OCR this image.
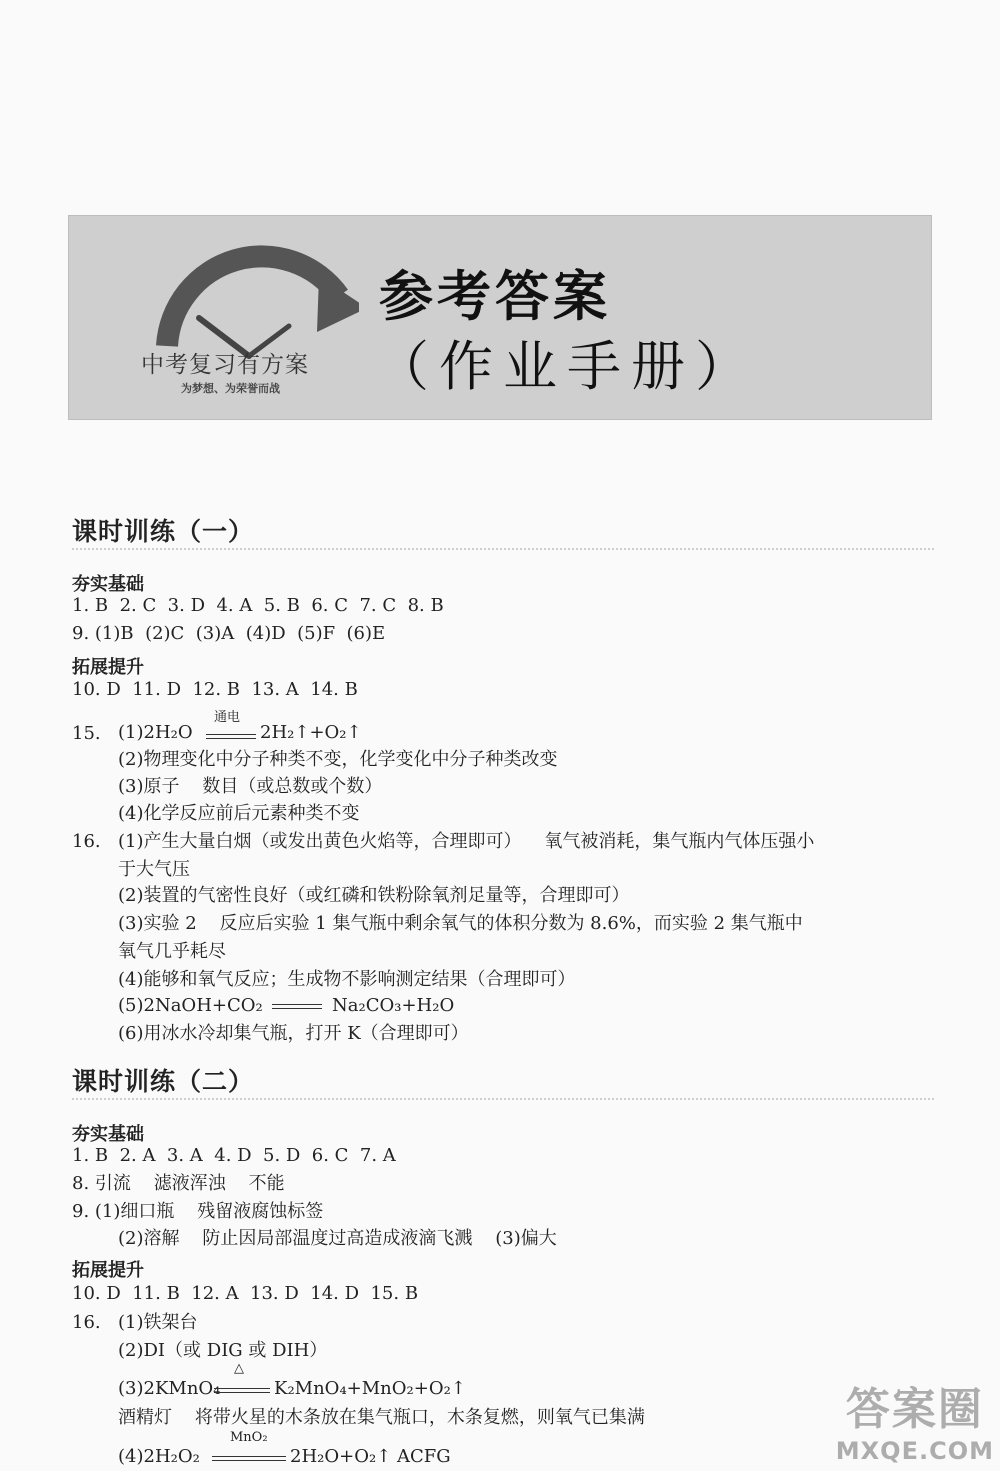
中考复习有方案
为梦想、为荣誉而战
参考答案
（作业手册）
课时训练（一）
夯实基础
1. B  2. C  3. D  4. A  5. B  6. C  7. C  8. B
9. (1)B  (2)C  (3)A  (4)D  (5)F  (6)E
拓展提升
10. D  11. D  12. B  13. A  14. B
15. (1)2H₂O
通电
2H₂↑+O₂↑
(2)物理变化中分子种类不变，化学变化中分子种类改变
(3)原子    数目（或总数或个数）
(4)化学反应前后元素种类不变
16. (1)产生大量白烟（或发出黄色火焰等，合理即可）    氧气被消耗，集气瓶内气体压强小
于大气压
(2)装置的气密性良好（或红磷和铁粉除氧剂足量等，合理即可）
(3)实验 2    反应后实验 1 集气瓶中剩余氧气的体积分数为 8.6%，而实验 2 集气瓶中
氧气几乎耗尽
(4)能够和氧气反应；生成物不影响测定结果（合理即可）
(5)2NaOH+CO₂	Na₂CO₃+H₂O
(6)用冰水冷却集气瓶，打开 K（合理即可）
课时训练（二）
夯实基础
1. B  2. A  3. A  4. D  5. D  6. C  7. A
8. 引流    滤液浑浊    不能
9. (1)细口瓶    残留液腐蚀标签
(2)溶解    防止因局部温度过高造成液滴飞溅    (3)偏大
拓展提升
10. D  11. B  12. A  13. D  14. D  15. B
16. (1)铁架台
(2)DI（或 DIG 或 DIH）
(3)2KMnO₄
△
K₂MnO₄+MnO₂+O₂↑
酒精灯    将带火星的木条放在集气瓶口，木条复燃，则氧气已集满
(4)2H₂O₂
MnO₂
2H₂O+O₂↑ ACFG
答案圈
MXQE.COM
